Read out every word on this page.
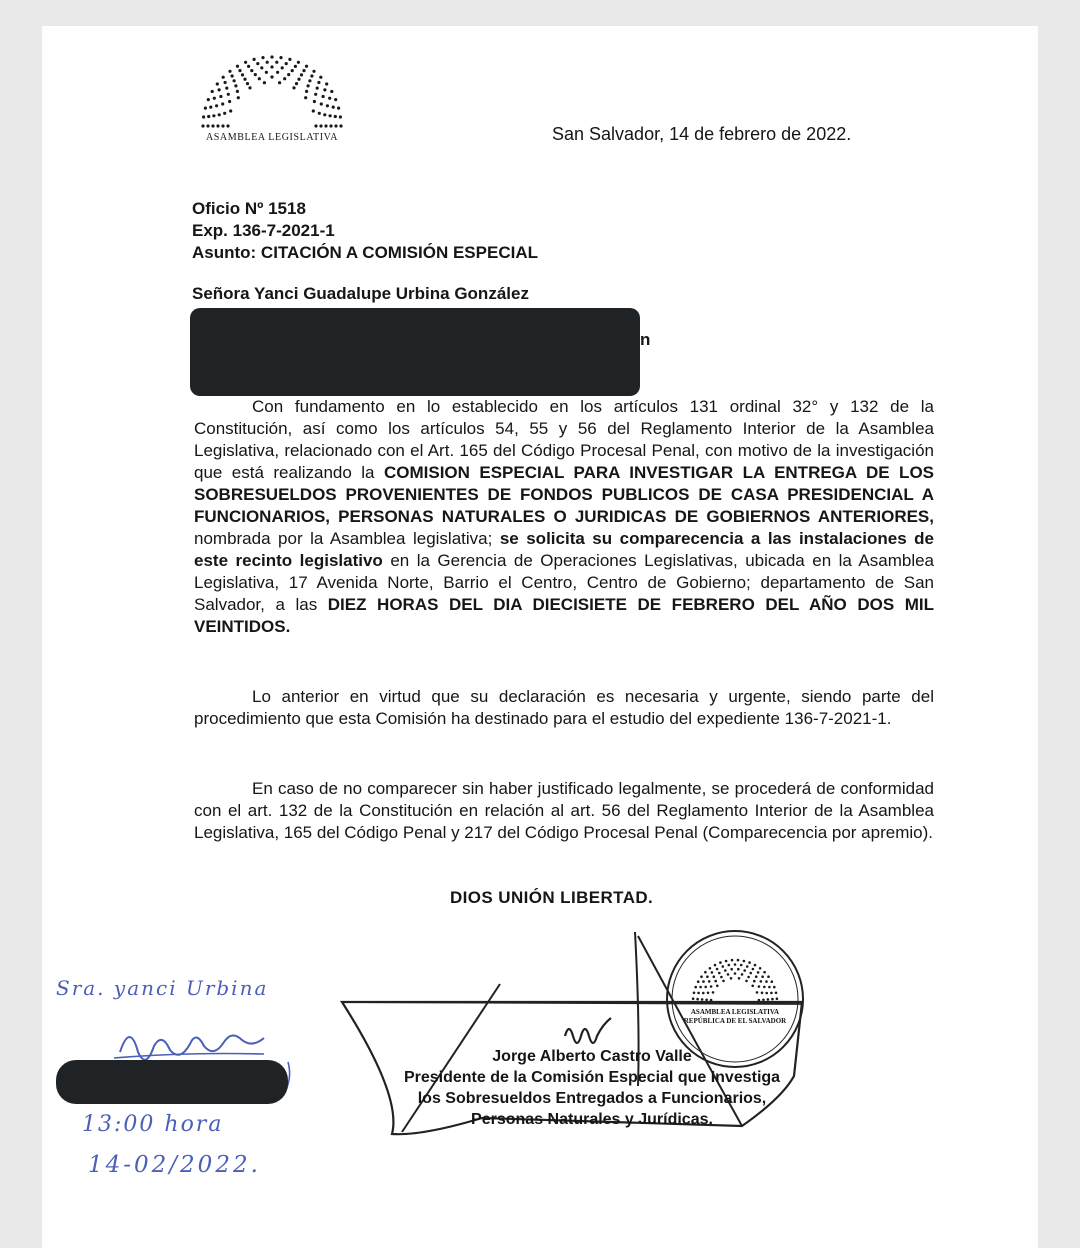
ASAMBLEA LEGISLATIVA	San Salvador, 14 de febrero de 2022.
Oficio Nº 1518
Exp. 136-7-2021-1
Asunto: CITACIÓN A COMISIÓN ESPECIAL
Señora Yanci Guadalupe Urbina González
n
Con fundamento en lo establecido en los artículos 131 ordinal 32° y 132 de la Constitución, así como los artículos 54, 55 y 56 del Reglamento Interior de la Asamblea Legislativa, relacionado con el Art. 165 del Código Procesal Penal, con motivo de la investigación que está realizando la COMISION ESPECIAL PARA INVESTIGAR LA ENTREGA DE LOS SOBRESUELDOS PROVENIENTES DE FONDOS PUBLICOS DE CASA PRESIDENCIAL A FUNCIONARIOS, PERSONAS NATURALES O JURIDICAS DE GOBIERNOS ANTERIORES, nombrada por la Asamblea legislativa; se solicita su comparecencia a las instalaciones de este recinto legislativo en la Gerencia de Operaciones Legislativas, ubicada en la Asamblea Legislativa, 17 Avenida Norte, Barrio el Centro, Centro de Gobierno; departamento de San Salvador, a las DIEZ HORAS DEL DIA DIECISIETE DE FEBRERO DEL AÑO DOS MIL VEINTIDOS.
Lo anterior en virtud que su declaración es necesaria y urgente, siendo parte del procedimiento que esta Comisión ha destinado para el estudio del expediente 136-7-2021-1.
En caso de no comparecer sin haber justificado legalmente, se procederá de conformidad con el art. 132 de la Constitución en relación al art. 56 del Reglamento Interior de la Asamblea Legislativa, 165 del Código Penal y 217 del Código Procesal Penal (Comparecencia por apremio).
DIOS UNIÓN LIBERTAD.
ASAMBLEA LEGISLATIVA
REPÚBLICA DE EL SALVADOR
Jorge Alberto Castro Valle
Presidente de la Comisión Especial que Investiga
los Sobresueldos Entregados a Funcionarios,
Personas Naturales y Jurídicas.
Sra. yanci Urbina
13:00 hora
14-02/2022.
